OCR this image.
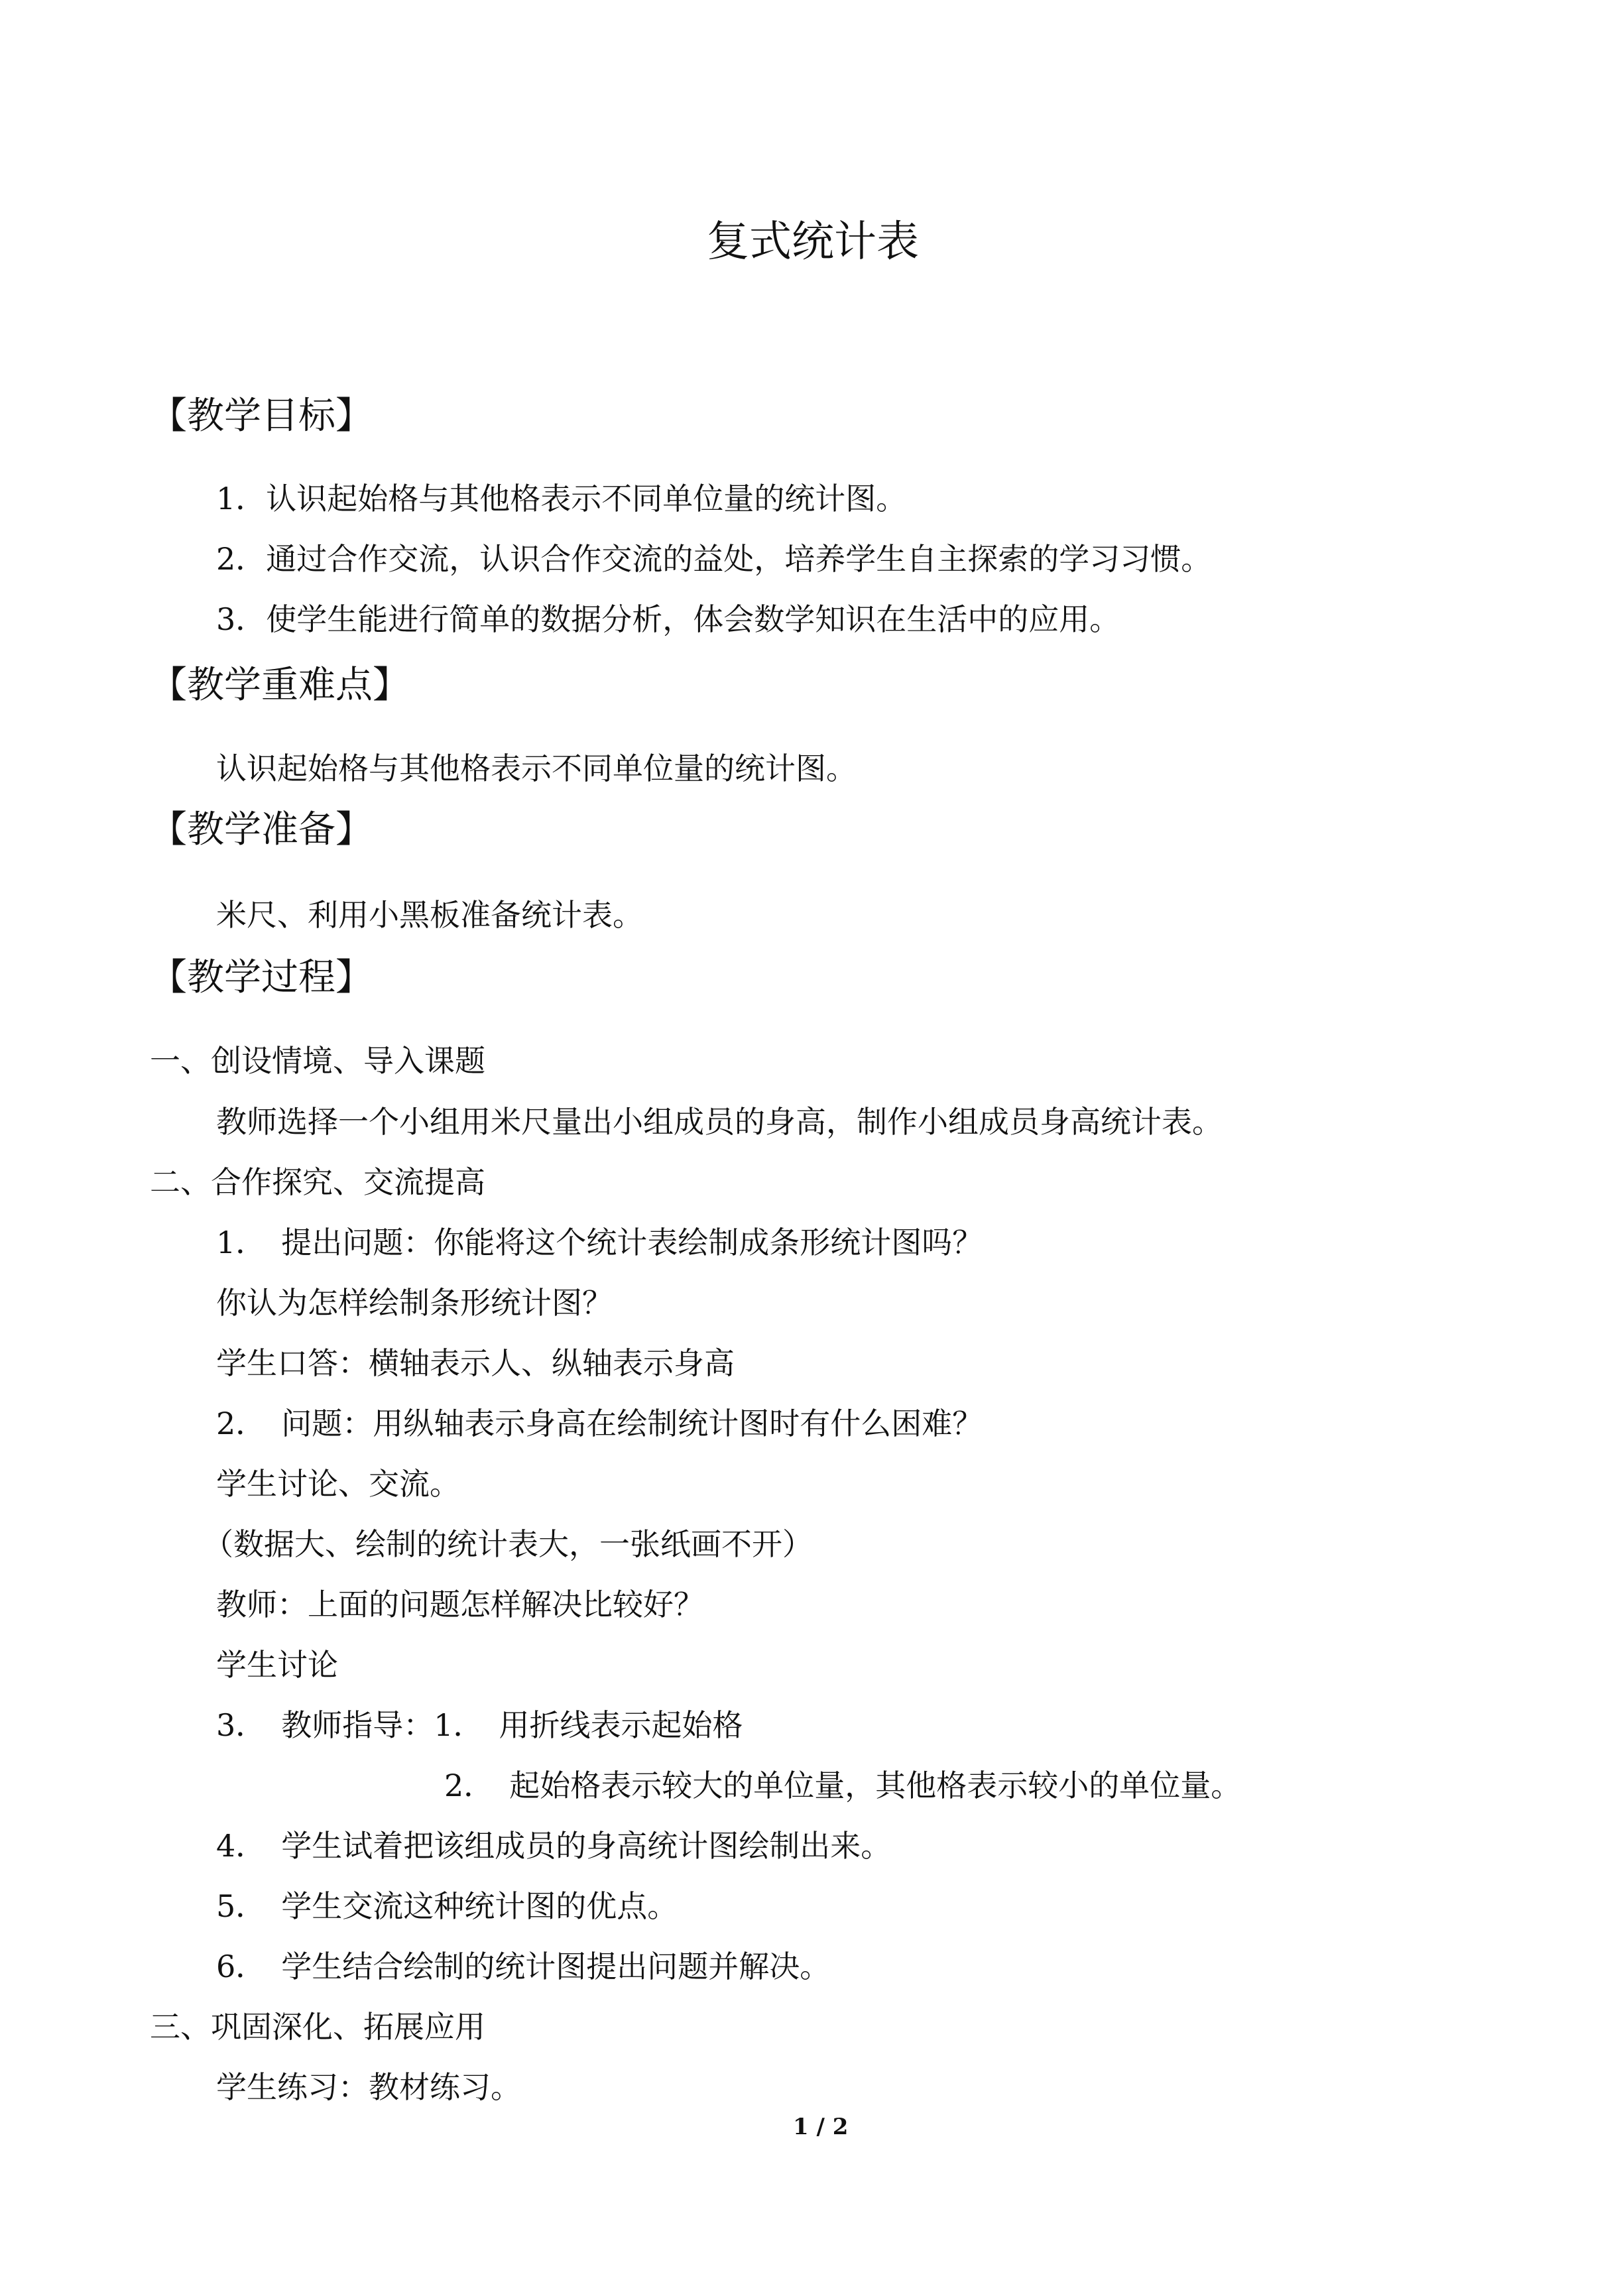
复式统计表
【教学目标】
1．认识起始格与其他格表示不同单位量的统计图。
2．通过合作交流，认识合作交流的益处，培养学生自主探索的学习习惯。
3．使学生能进行简单的数据分析，体会数学知识在生活中的应用。
【教学重难点】
认识起始格与其他格表示不同单位量的统计图。
【教学准备】
米尺、利用小黑板准备统计表。
【教学过程】
一、创设情境、导入课题
教师选择一个小组用米尺量出小组成员的身高，制作小组成员身高统计表。
二、合作探究、交流提高
1．　提出问题：你能将这个统计表绘制成条形统计图吗？
你认为怎样绘制条形统计图？
学生口答：横轴表示人、纵轴表示身高
2．　问题：用纵轴表示身高在绘制统计图时有什么困难？
学生讨论、交流。
（数据大、绘制的统计表大，一张纸画不开）
教师：上面的问题怎样解决比较好？
学生讨论
3．　教师指导：1．　用折线表示起始格
2．　起始格表示较大的单位量，其他格表示较小的单位量。
4．　学生试着把该组成员的身高统计图绘制出来。
5．　学生交流这种统计图的优点。
6．　学生结合绘制的统计图提出问题并解决。
三、巩固深化、拓展应用
学生练习：教材练习。
1 / 2
